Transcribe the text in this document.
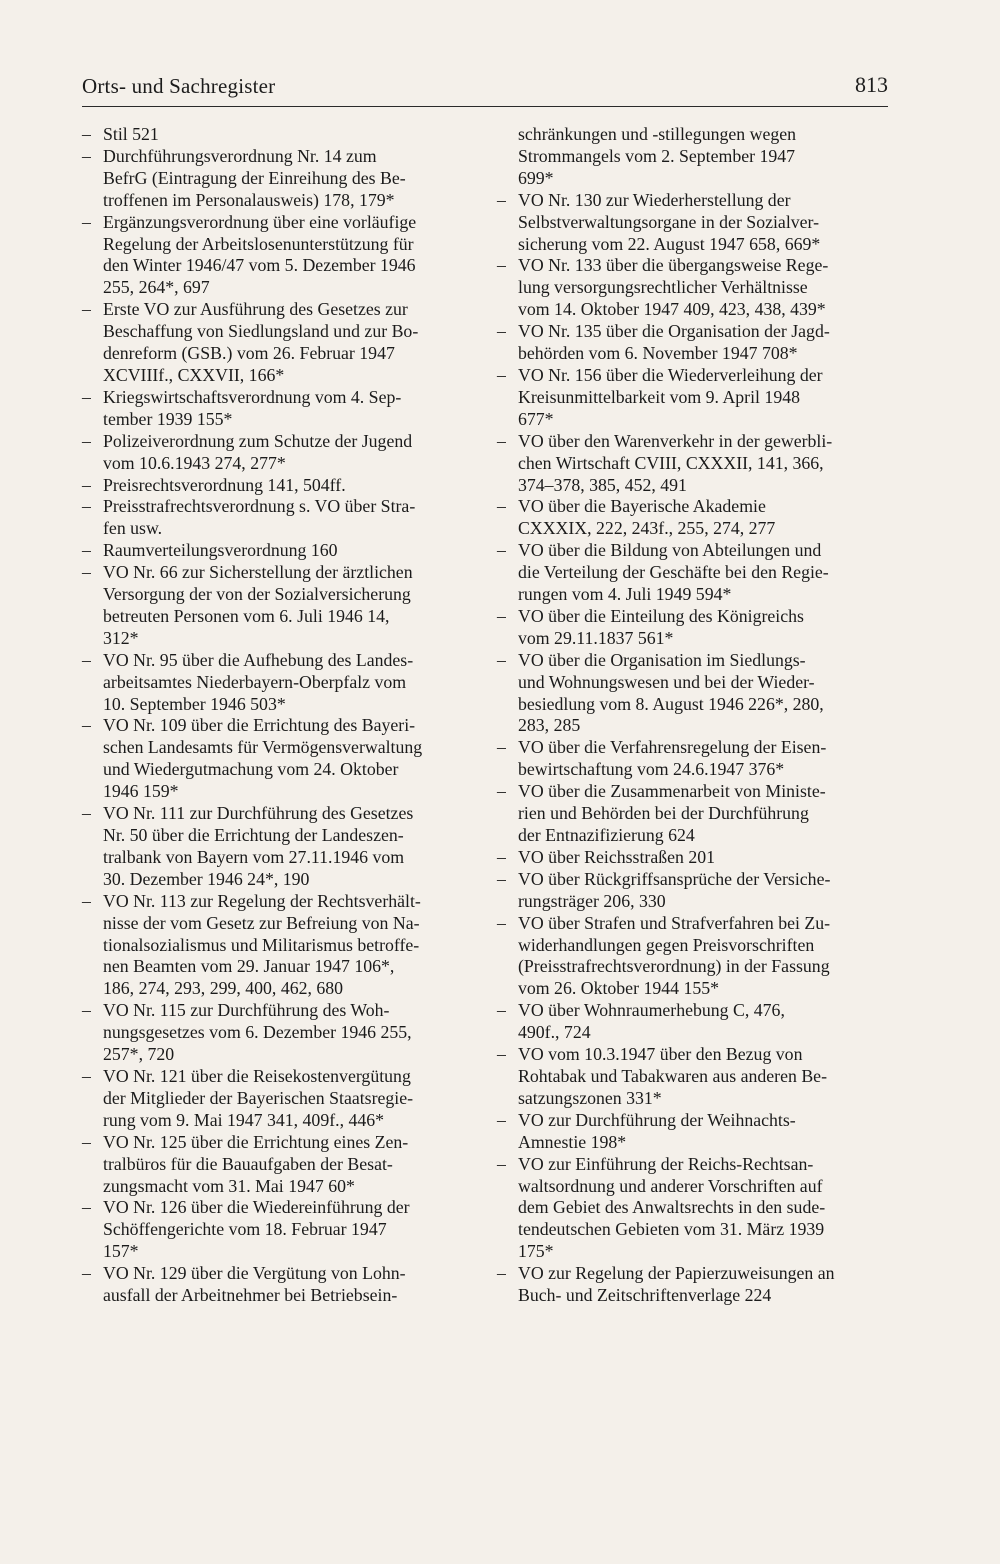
Orts- und Sachregister	813
– Stil 521
– Durchführungsverordnung Nr. 14 zum
BefrG (Eintragung der Einreihung des Be-
troffenen im Personalausweis) 178, 179*
– Ergänzungsverordnung über eine vorläufige
Regelung der Arbeitslosenunterstützung für
den Winter 1946/47 vom 5. Dezember 1946
255, 264*, 697
– Erste VO zur Ausführung des Gesetzes zur
Beschaffung von Siedlungsland und zur Bo-
denreform (GSB.) vom 26. Februar 1947
XCVIIIf., CXXVII, 166*
– Kriegswirtschaftsverordnung vom 4. Sep-
tember 1939 155*
– Polizeiverordnung zum Schutze der Jugend
vom 10.6.1943 274, 277*
– Preisrechtsverordnung 141, 504ff.
– Preisstrafrechtsverordnung s. VO über Stra-
fen usw.
– Raumverteilungsverordnung 160
– VO Nr. 66 zur Sicherstellung der ärztlichen
Versorgung der von der Sozialversicherung
betreuten Personen vom 6. Juli 1946 14,
312*
– VO Nr. 95 über die Aufhebung des Landes-
arbeitsamtes Niederbayern-Oberpfalz vom
10. September 1946 503*
– VO Nr. 109 über die Errichtung des Bayeri-
schen Landesamts für Vermögensverwaltung
und Wiedergutmachung vom 24. Oktober
1946 159*
– VO Nr. 111 zur Durchführung des Gesetzes
Nr. 50 über die Errichtung der Landeszen-
tralbank von Bayern vom 27.11.1946 vom
30. Dezember 1946 24*, 190
– VO Nr. 113 zur Regelung der Rechtsverhält-
nisse der vom Gesetz zur Befreiung von Na-
tionalsozialismus und Militarismus betroffe-
nen Beamten vom 29. Januar 1947 106*,
186, 274, 293, 299, 400, 462, 680
– VO Nr. 115 zur Durchführung des Woh-
nungsgesetzes vom 6. Dezember 1946 255,
257*, 720
– VO Nr. 121 über die Reisekostenvergütung
der Mitglieder der Bayerischen Staatsregie-
rung vom 9. Mai 1947 341, 409f., 446*
– VO Nr. 125 über die Errichtung eines Zen-
tralbüros für die Bauaufgaben der Besat-
zungsmacht vom 31. Mai 1947 60*
– VO Nr. 126 über die Wiedereinführung der
Schöffengerichte vom 18. Februar 1947
157*
– VO Nr. 129 über die Vergütung von Lohn-
ausfall der Arbeitnehmer bei Betriebsein-
schränkungen und -stillegungen wegen
Strommangels vom 2. September 1947
699*
– VO Nr. 130 zur Wiederherstellung der
Selbstverwaltungsorgane in der Sozialver-
sicherung vom 22. August 1947 658, 669*
– VO Nr. 133 über die übergangsweise Rege-
lung versorgungsrechtlicher Verhältnisse
vom 14. Oktober 1947 409, 423, 438, 439*
– VO Nr. 135 über die Organisation der Jagd-
behörden vom 6. November 1947 708*
– VO Nr. 156 über die Wiederverleihung der
Kreisunmittelbarkeit vom 9. April 1948
677*
– VO über den Warenverkehr in der gewerbli-
chen Wirtschaft CVIII, CXXXII, 141, 366,
374–378, 385, 452, 491
– VO über die Bayerische Akademie
CXXXIX, 222, 243f., 255, 274, 277
– VO über die Bildung von Abteilungen und
die Verteilung der Geschäfte bei den Regie-
rungen vom 4. Juli 1949 594*
– VO über die Einteilung des Königreichs
vom 29.11.1837 561*
– VO über die Organisation im Siedlungs-
und Wohnungswesen und bei der Wieder-
besiedlung vom 8. August 1946 226*, 280,
283, 285
– VO über die Verfahrensregelung der Eisen-
bewirtschaftung vom 24.6.1947 376*
– VO über die Zusammenarbeit von Ministe-
rien und Behörden bei der Durchführung
der Entnazifizierung 624
– VO über Reichsstraßen 201
– VO über Rückgriffsansprüche der Versiche-
rungsträger 206, 330
– VO über Strafen und Strafverfahren bei Zu-
widerhandlungen gegen Preisvorschriften
(Preisstrafrechtsverordnung) in der Fassung
vom 26. Oktober 1944 155*
– VO über Wohnraumerhebung C, 476,
490f., 724
– VO vom 10.3.1947 über den Bezug von
Rohtabak und Tabakwaren aus anderen Be-
satzungszonen 331*
– VO zur Durchführung der Weihnachts-
Amnestie 198*
– VO zur Einführung der Reichs-Rechtsan-
waltsordnung und anderer Vorschriften auf
dem Gebiet des Anwaltsrechts in den sude-
tendeutschen Gebieten vom 31. März 1939
175*
– VO zur Regelung der Papierzuweisungen an
Buch- und Zeitschriftenverlage 224
